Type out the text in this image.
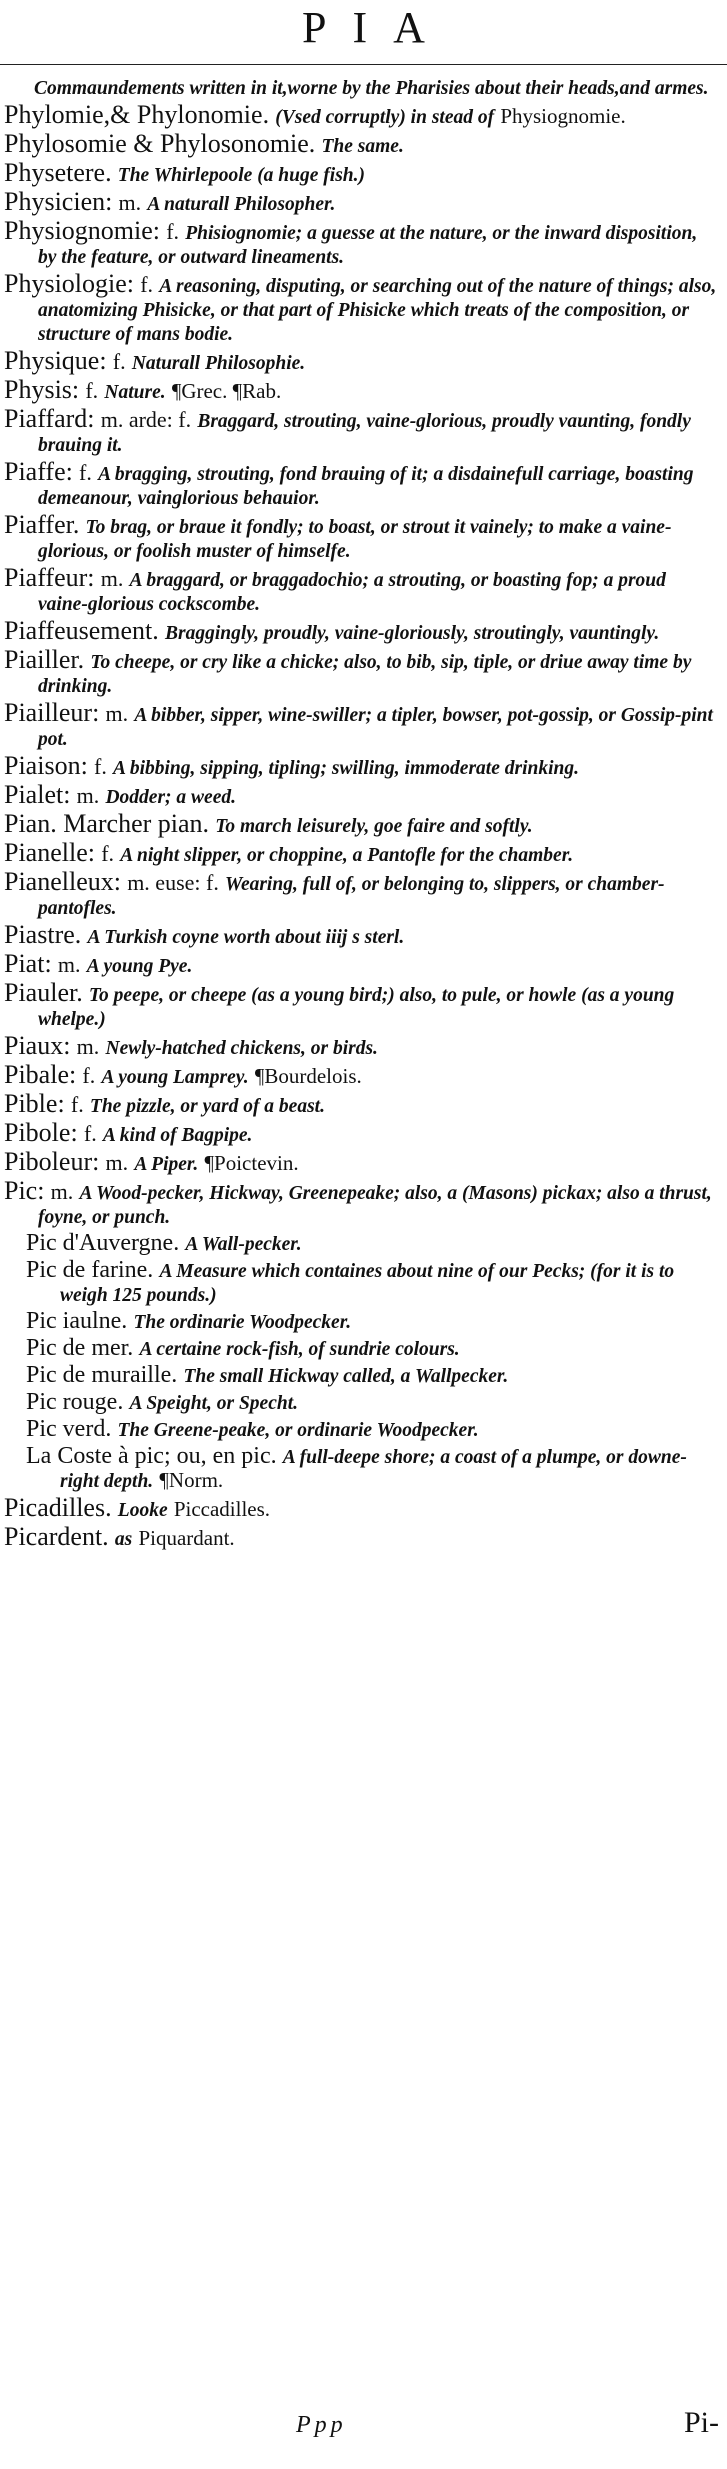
PIA
Commaundements written in it,worne by the Pharisies about their heads,and armes.
Phylomie,& Phylonomie. (Vsed corruptly) in stead of Physiognomie.
Phylosomie & Phylosonomie. The same.
Physetere. The Whirlepoole (a huge fish.)
Physicien: m. A naturall Philosopher.
Physiognomie: f. Phisiognomie; a guesse at the nature, or the inward disposition, by the feature, or outward lineaments.
Physiologie: f. A reasoning, disputing, or searching out of the nature of things; also, anatomizing Phisicke, or that part of Phisicke which treats of the composition, or structure of mans bodie.
Physique: f. Naturall Philosophie.
Physis: f. Nature. ¶Grec. ¶Rab.
Piaffard: m. arde: f. Braggard, strouting, vaine-glorious, proudly vaunting, fondly brauing it.
Piaffe: f. A bragging, strouting, fond brauing of it; a disdainefull carriage, boasting demeanour, vainglorious behauior.
Piaffer. To brag, or braue it fondly; to boast, or strout it vainely; to make a vaine-glorious, or foolish muster of himselfe.
Piaffeur: m. A braggard, or braggadochio; a strouting, or boasting fop; a proud vaine-glorious cockscombe.
Piaffeusement. Braggingly, proudly, vaine-gloriously, stroutingly, vauntingly.
Piailler. To cheepe, or cry like a chicke; also, to bib, sip, tiple, or driue away time by drinking.
Piailleur: m. A bibber, sipper, wine-swiller; a tipler, bowser, pot-gossip, or Gossip-pint pot.
Piaison: f. A bibbing, sipping, tipling; swilling, immoderate drinking.
Pialet: m. Dodder; a weed.
Pian. Marcher pian. To march leisurely, goe faire and softly.
Pianelle: f. A night slipper, or choppine, a Pantofle for the chamber.
Pianelleux: m. euse: f. Wearing, full of, or belonging to, slippers, or chamber-pantofles.
Piastre. A Turkish coyne worth about iiij s sterl.
Piat: m. A young Pye.
Piauler. To peepe, or cheepe (as a young bird;) also, to pule, or howle (as a young whelpe.)
Piaux: m. Newly-hatched chickens, or birds.
Pibale: f. A young Lamprey. ¶Bourdelois.
Pible: f. The pizzle, or yard of a beast.
Pibole: f. A kind of Bagpipe.
Piboleur: m. A Piper. ¶Poictevin.
Pic: m. A Wood-pecker, Hickway, Greenepeake; also, a (Masons) pickax; also a thrust, foyne, or punch.
Pic d'Auvergne. A Wall-pecker.
Pic de farine. A Measure which containes about nine of our Pecks; (for it is to weigh 125 pounds.)
Pic iaulne. The ordinarie Woodpecker.
Pic de mer. A certaine rock-fish, of sundrie colours.
Pic de muraille. The small Hickway called, a Wallpecker.
Pic rouge. A Speight, or Specht.
Pic verd. The Greene-peake, or ordinarie Woodpecker.
La Coste à pic; ou, en pic. A full-deepe shore; a coast of a plumpe, or downe-right depth. ¶Norm.
Picadilles. Looke Piccadilles.
Picardent. as Piquardant.
Ppp	Pi-
